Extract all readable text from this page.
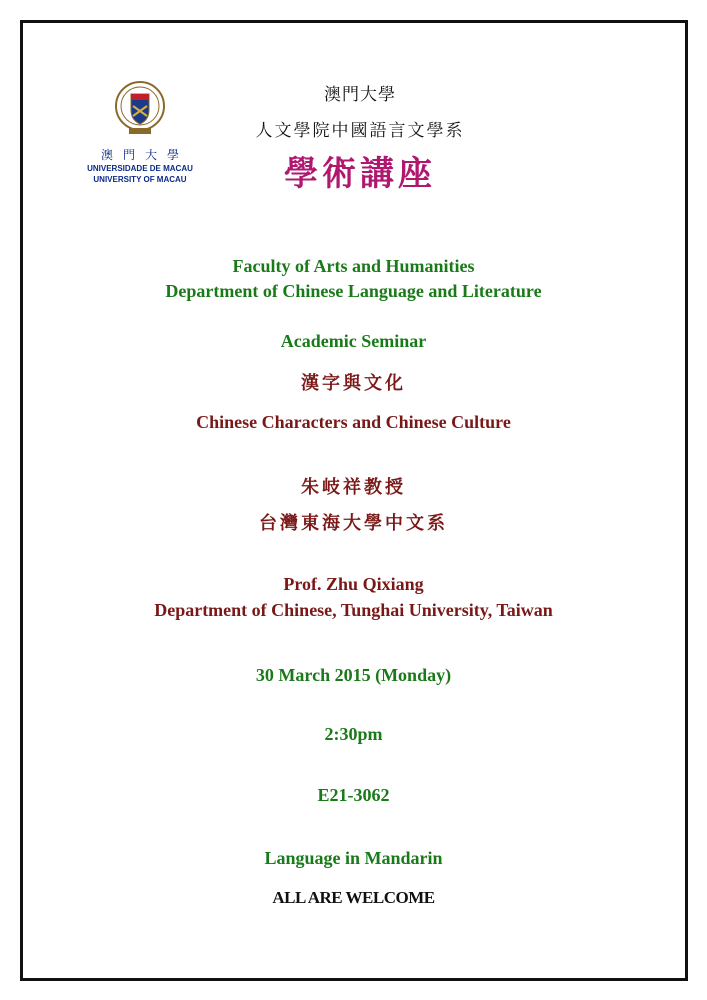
澳門大學
UNIVERSIDADE DE MACAU
UNIVERSITY OF MACAU
澳門大學
人文學院中國語言文學系
學術講座
Faculty of Arts and Humanities
Department of Chinese Language and Literature
Academic Seminar
漢字與文化
Chinese Characters and Chinese Culture
朱岐祥教授
台灣東海大學中文系
Prof. Zhu Qixiang
Department of Chinese, Tunghai University, Taiwan
30 March 2015 (Monday)
2:30pm
E21-3062
Language in Mandarin
ALL ARE WELCOME
